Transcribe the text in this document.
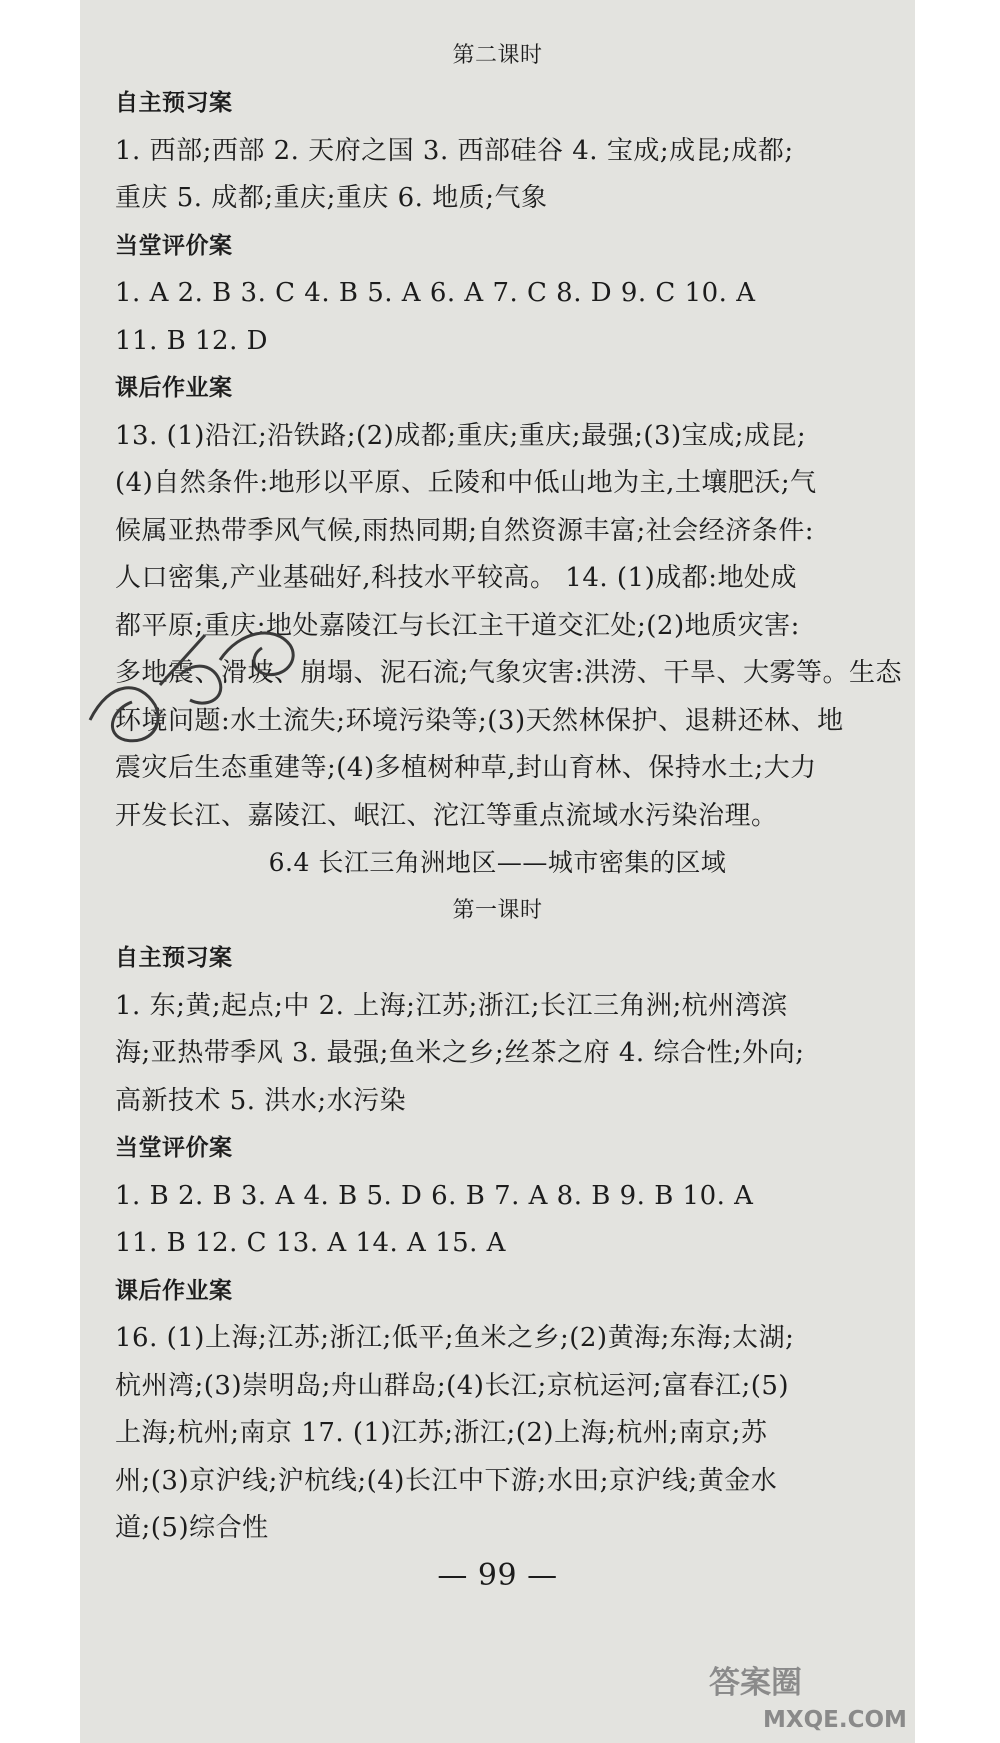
第二课时
自主预习案
1. 西部;西部 2. 天府之国 3. 西部硅谷 4. 宝成;成昆;成都;
重庆 5. 成都;重庆;重庆 6. 地质;气象
当堂评价案
1. A 2. B 3. C 4. B 5. A 6. A 7. C 8. D 9. C 10. A
11. B 12. D
课后作业案
13. (1)沿江;沿铁路;(2)成都;重庆;重庆;最强;(3)宝成;成昆;
(4)自然条件:地形以平原、丘陵和中低山地为主,土壤肥沃;气
候属亚热带季风气候,雨热同期;自然资源丰富;社会经济条件:
人口密集,产业基础好,科技水平较高。 14. (1)成都:地处成
都平原;重庆:地处嘉陵江与长江主干道交汇处;(2)地质灾害:
多地震、滑坡、崩塌、泥石流;气象灾害:洪涝、干旱、大雾等。生态
环境问题:水土流失;环境污染等;(3)天然林保护、退耕还林、地
震灾后生态重建等;(4)多植树种草,封山育林、保持水土;大力
开发长江、嘉陵江、岷江、沱江等重点流域水污染治理。
6.4 长江三角洲地区——城市密集的区域
第一课时
自主预习案
1. 东;黄;起点;中 2. 上海;江苏;浙江;长江三角洲;杭州湾滨
海;亚热带季风 3. 最强;鱼米之乡;丝茶之府 4. 综合性;外向;
高新技术 5. 洪水;水污染
当堂评价案
1. B 2. B 3. A 4. B 5. D 6. B 7. A 8. B 9. B 10. A
11. B 12. C 13. A 14. A 15. A
课后作业案
16. (1)上海;江苏;浙江;低平;鱼米之乡;(2)黄海;东海;太湖;
杭州湾;(3)崇明岛;舟山群岛;(4)长江;京杭运河;富春江;(5)
上海;杭州;南京 17. (1)江苏;浙江;(2)上海;杭州;南京;苏
州;(3)京沪线;沪杭线;(4)长江中下游;水田;京沪线;黄金水
道;(5)综合性
— 99 —
答案圈
MXQE.COM
